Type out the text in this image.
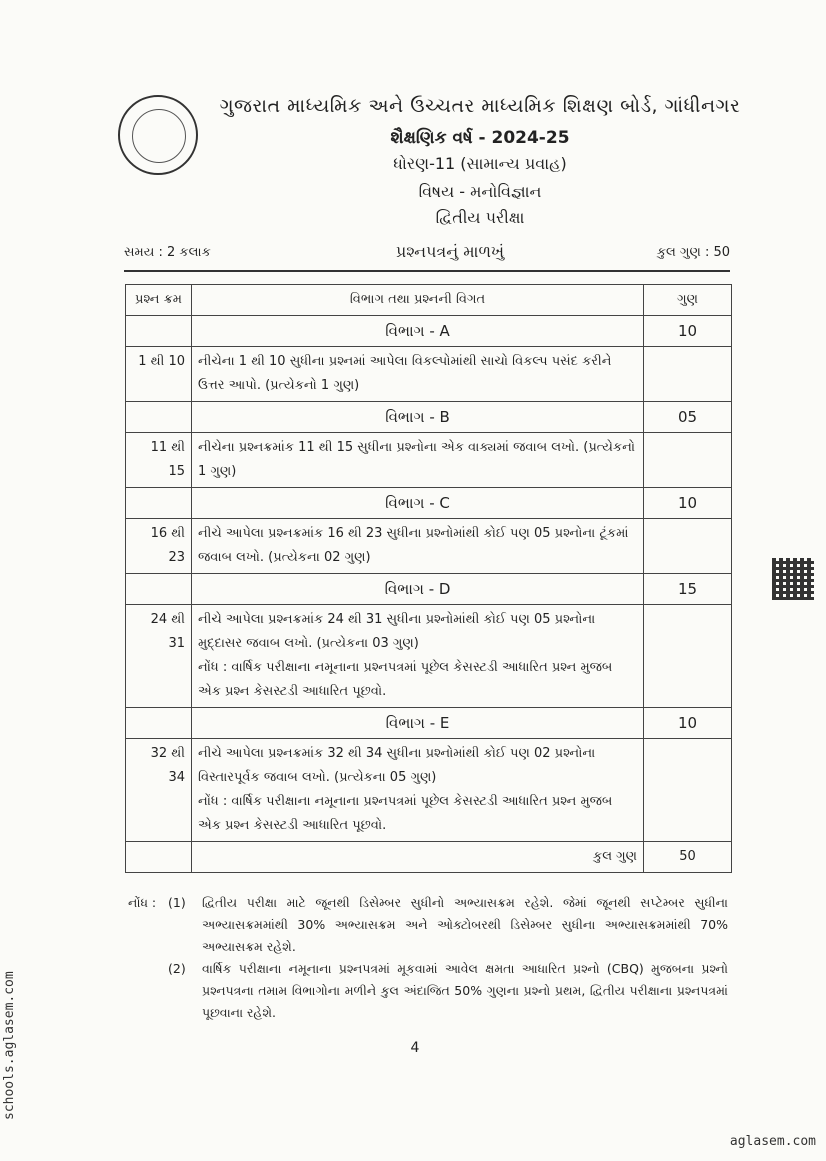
ગુજરાત માધ્યમિક અને ઉચ્ચતર માધ્યમિક શિક્ષણ બોર્ડ, ગાંધીનગર
શૈક્ષણિક વર્ષ - 2024-25
ધોરણ-11 (સામાન્ય પ્રવાહ)
વિષય - મનોવિજ્ઞાન
દ્વિતીય પરીક્ષા
સમય : 2 કલાક	પ્રશ્નપત્રનું માળખું	કુલ ગુણ : 50
પ્રશ્ન ક્રમ	વિભાગ તથા પ્રશ્નની વિગત	ગુણ
	વિભાગ - A	10
1 થી 10	નીચેના 1 થી 10 સુધીના પ્રશ્નમાં આપેલા વિકલ્પોમાંથી સાચો વિકલ્પ પસંદ કરીને ઉત્તર આપો. (પ્રત્યેકનો 1 ગુણ)	
	વિભાગ - B	05
11 થી 15	નીચેના પ્રશ્નક્રમાંક 11 થી 15 સુધીના પ્રશ્નોના એક વાક્યમાં જવાબ લખો. (પ્રત્યેકનો 1 ગુણ)	
	વિભાગ - C	10
16 થી 23	નીચે આપેલા પ્રશ્નક્રમાંક 16 થી 23 સુધીના પ્રશ્નોમાંથી કોઈ પણ 05 પ્રશ્નોના ટૂંકમાં જવાબ લખો. (પ્રત્યેકના 02 ગુણ)	
	વિભાગ - D	15
24 થી 31	નીચે આપેલા પ્રશ્નક્રમાંક 24 થી 31 સુધીના પ્રશ્નોમાંથી કોઈ પણ 05 પ્રશ્નોના મુદ્દાસર જવાબ લખો. (પ્રત્યેકના 03 ગુણ)
નોંધ : વાર્ષિક પરીક્ષાના નમૂનાના પ્રશ્નપત્રમાં પૂછેલ કેસસ્ટડી આધારિત પ્રશ્ન મુજબ એક પ્રશ્ન કેસસ્ટડી આધારિત પૂછવો.	

	વિભાગ - E	10
32 થી 34	નીચે આપેલા પ્રશ્નક્રમાંક 32 થી 34 સુધીના પ્રશ્નોમાંથી કોઈ પણ 02 પ્રશ્નોના વિસ્તારપૂર્વક જવાબ લખો. (પ્રત્યેકના 05 ગુણ)
નોંધ : વાર્ષિક પરીક્ષાના નમૂનાના પ્રશ્નપત્રમાં પૂછેલ કેસસ્ટડી આધારિત પ્રશ્ન મુજબ એક પ્રશ્ન કેસસ્ટડી આધારિત પૂછવો.	

	કુલ ગુણ	50
નોંધ : (1)	દ્વિતીય પરીક્ષા માટે જૂનથી ડિસેમ્બર સુધીનો અભ્યાસક્રમ રહેશે. જેમાં જૂનથી સપ્ટેમ્બર સુધીના અભ્યાસક્રમમાંથી 30% અભ્યાસક્રમ અને ઓક્ટોબરથી ડિસેમ્બર સુધીના અભ્યાસક્રમમાંથી 70% અભ્યાસક્રમ રહેશે.
(2)	વાર્ષિક પરીક્ષાના નમૂનાના પ્રશ્નપત્રમાં મૂકવામાં આવેલ ક્ષમતા આધારિત પ્રશ્નો (CBQ) મુજબના પ્રશ્નો પ્રશ્નપત્રના તમામ વિભાગોના મળીને કુલ અંદાજિત 50% ગુણના પ્રશ્નો પ્રથમ, દ્વિતીય પરીક્ષાના પ્રશ્નપત્રમાં પૂછવાના રહેશે.
4
schools.aglasem.com
aglasem.com
